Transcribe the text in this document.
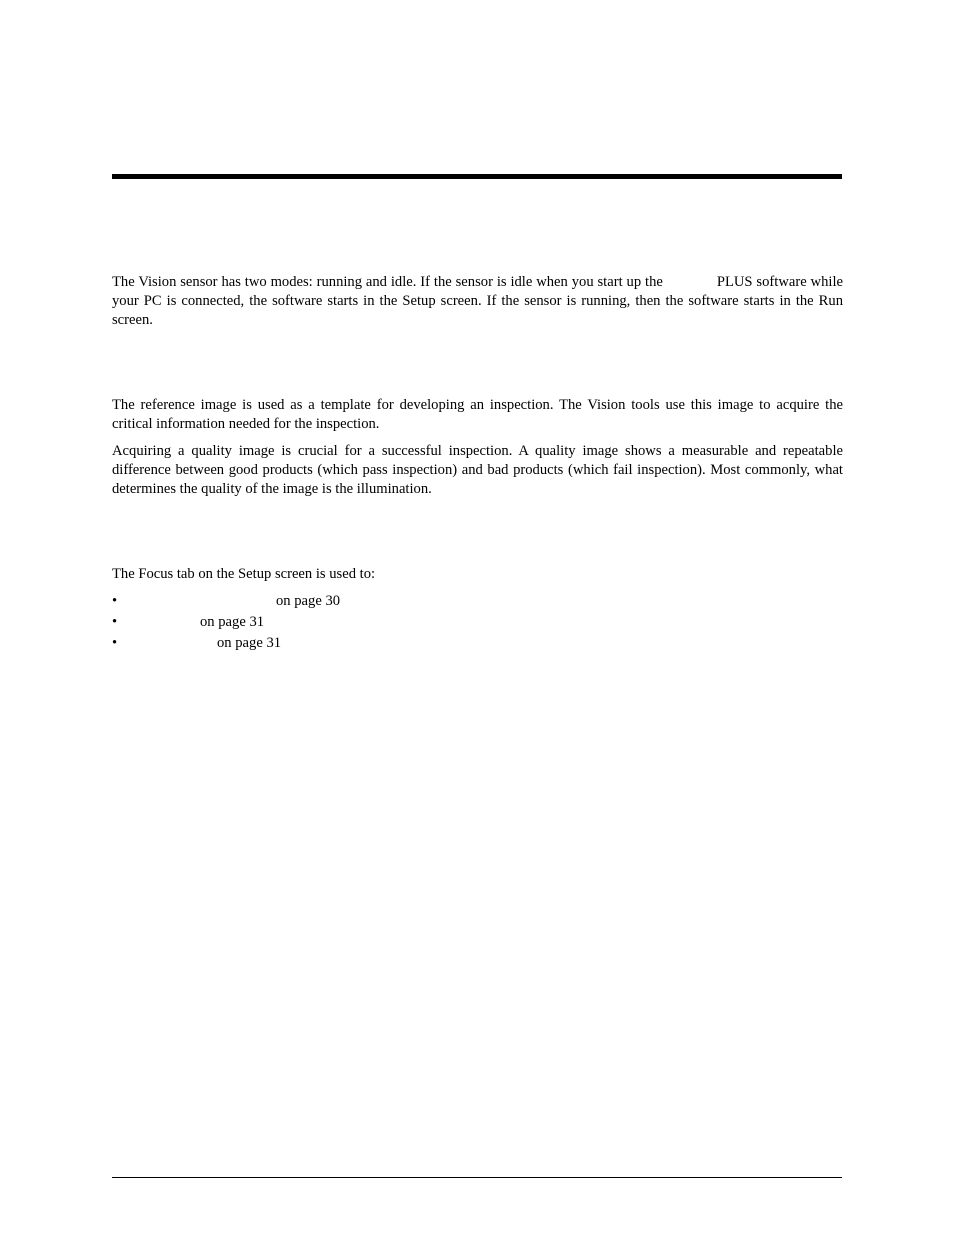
The Vision sensor has two modes: running and idle. If the sensor is idle when you start up the	PLUS software while your PC is connected, the software starts in the Setup screen. If the sensor is running, then the software starts in the Run screen.

The reference image is used as a template for developing an inspection. The Vision tools use this image to acquire the critical information needed for the inspection.

Acquiring a quality image is crucial for a successful inspection. A quality image shows a measurable and repeatable difference between good products (which pass inspection) and bad products (which fail inspection). Most commonly, what determines the quality of the image is the illumination.

The Focus tab on the Setup screen is used to:

•	on page 30
•	on page 31
•	on page 31
